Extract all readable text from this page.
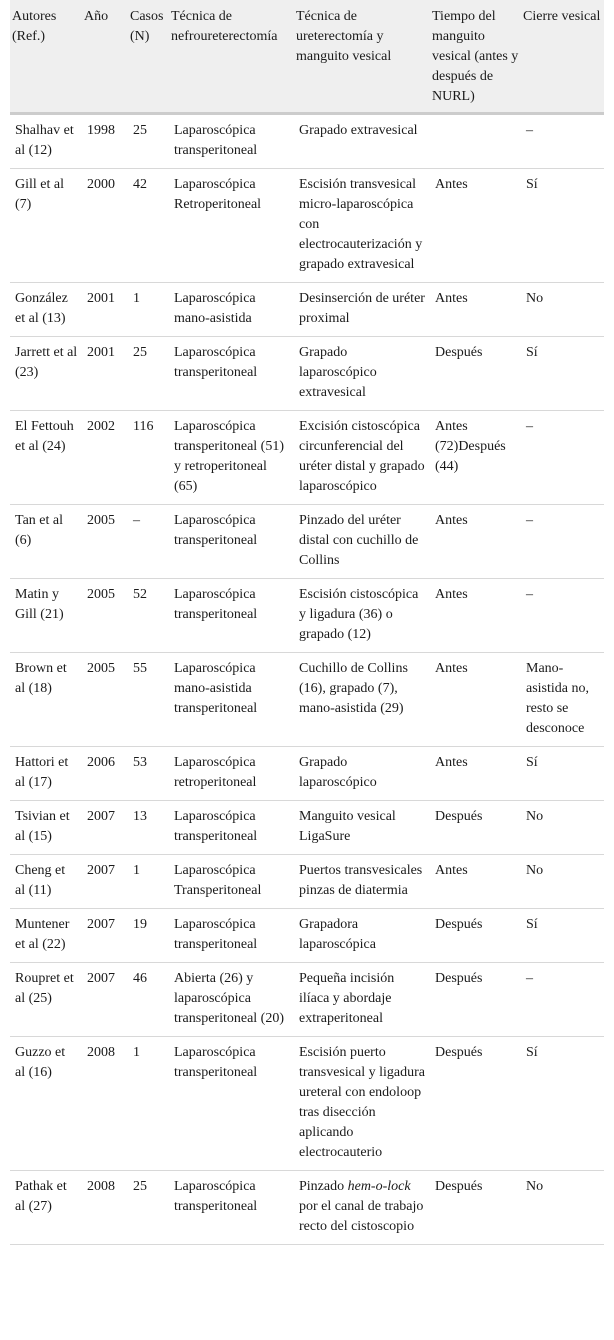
Autores (Ref.)	Año	Casos (N)	Técnica de nefroureterectomía	Técnica de ureterectomía y manguito vesical	Tiempo del manguito vesical (antes y después de NURL)	Cierre vesical
Shalhav et al (12)	1998	25	Laparoscópica transperitoneal	Grapado extravesical		–
Gill et al (7)	2000	42	Laparoscópica Retroperitoneal	Escisión transvesical micro-laparoscópica con electrocauterización y grapado extravesical	Antes	Sí
González et al (13)	2001	1	Laparoscópica mano-asistida	Desinserción de uréter proximal	Antes	No
Jarrett et al (23)	2001	25	Laparoscópica transperitoneal	Grapado laparoscópico extravesical	Después	Sí
El Fettouh et al (24)	2002	116	Laparoscópica transperitoneal (51) y retroperitoneal (65)	Excisión cistoscópica circunferencial del uréter distal y grapado laparoscópico	Antes (72)Después (44)	–
Tan et al (6)	2005	–	Laparoscópica transperitoneal	Pinzado del uréter distal con cuchillo de Collins	Antes	–
Matin y Gill (21)	2005	52	Laparoscópica transperitoneal	Escisión cistoscópica y ligadura (36) o grapado (12)	Antes	–
Brown et al (18)	2005	55	Laparoscópica mano-asistida transperitoneal	Cuchillo de Collins (16), grapado (7), mano-asistida (29)	Antes	Mano-asistida no, resto se desconoce
Hattori et al (17)	2006	53	Laparoscópica retroperitoneal	Grapado laparoscópico	Antes	Sí
Tsivian et al (15)	2007	13	Laparoscópica transperitoneal	Manguito vesical LigaSure	Después	No
Cheng et al (11)	2007	1	Laparoscópica Transperitoneal	Puertos transvesicales pinzas de diatermia	Antes	No
Muntener et al (22)	2007	19	Laparoscópica transperitoneal	Grapadora laparoscópica	Después	Sí
Roupret et al (25)	2007	46	Abierta (26) y laparoscópica transperitoneal (20)	Pequeña incisión ilíaca y abordaje extraperitoneal	Después	–
Guzzo et al (16)	2008	1	Laparoscópica transperitoneal	Escisión puerto transvesical y ligadura ureteral con endoloop tras disección aplicando electrocauterio	Después	Sí
Pathak et al (27)	2008	25	Laparoscópica transperitoneal	Pinzado hem-o-lock por el canal de trabajo recto del cistoscopio	Después	No
